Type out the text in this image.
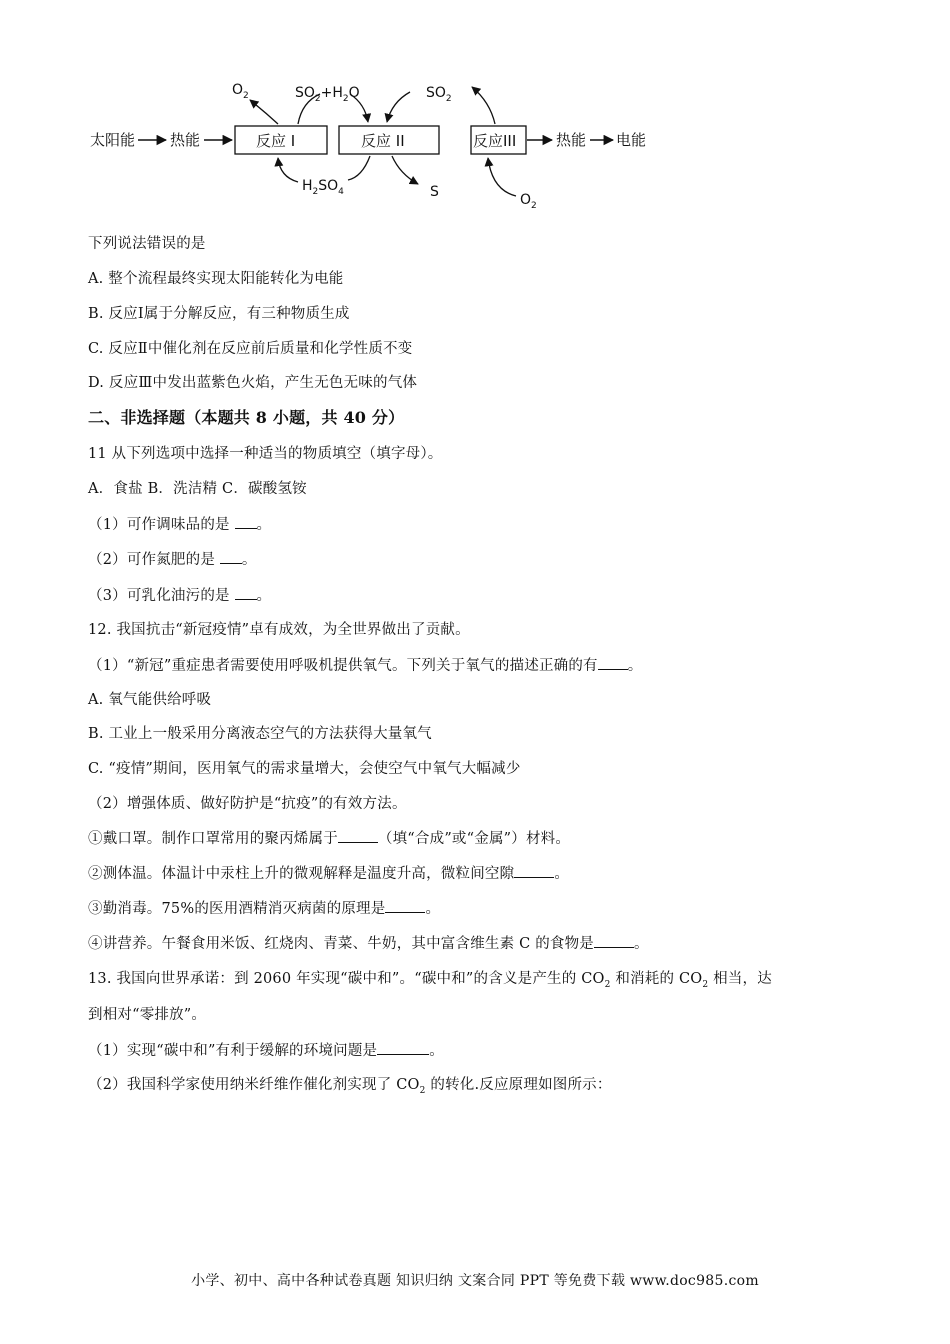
太阳能 热能	反应 I	反应 II	反应III	热能 电能
$O_2$	$SO_2+H_2O$	$SO_2$
$H_2SO_4$	S	$O_2$
下列说法错误的是
A. 整个流程最终实现太阳能转化为电能
B. 反应Ⅰ属于分解反应，有三种物质生成
C. 反应Ⅱ中催化剂在反应前后质量和化学性质不变
D. 反应Ⅲ中发出蓝紫色火焰，产生无色无味的气体
二、非选择题（本题共 8 小题，共 40 分）
11 从下列选项中选择一种适当的物质填空（填字母）。
A．食盐 B．洗洁精 C．碳酸氢铵
（1）可作调味品的是 。
（2）可作氮肥的是 。
（3）可乳化油污的是 。
12. 我国抗击“新冠疫情”卓有成效，为全世界做出了贡献。
（1）“新冠”重症患者需要使用呼吸机提供氧气。下列关于氧气的描述正确的有 。
A. 氧气能供给呼吸
B. 工业上一般采用分离液态空气的方法获得大量氧气
C. “疫情”期间，医用氧气的需求量增大，会使空气中氧气大幅减少
（2）增强体质、做好防护是“抗疫”的有效方法。
①戴口罩。制作口罩常用的聚丙烯属于	（填“合成”或“金属”）材料。
②测体温。体温计中汞柱上升的微观解释是温度升高，微粒间空隙	。
③勤消毒。75%的医用酒精消灭病菌的原理是	。
④讲营养。午餐食用米饭、红烧肉、青菜、牛奶，其中富含维生素 C 的食物是	。
13. 我国向世界承诺：到 2060 年实现“碳中和”。“碳中和”的含义是产生的 $CO_2$ 和消耗的 $CO_2$ 相当，达
到相对“零排放”。
（1）实现“碳中和”有利于缓解的环境问题是	。
（2）我国科学家使用纳米纤维作催化剂实现了 $CO_2$ 的转化.反应原理如图所示：
小学、初中、高中各种试卷真题 知识归纳 文案合同 PPT 等免费下载 www.doc985.com
